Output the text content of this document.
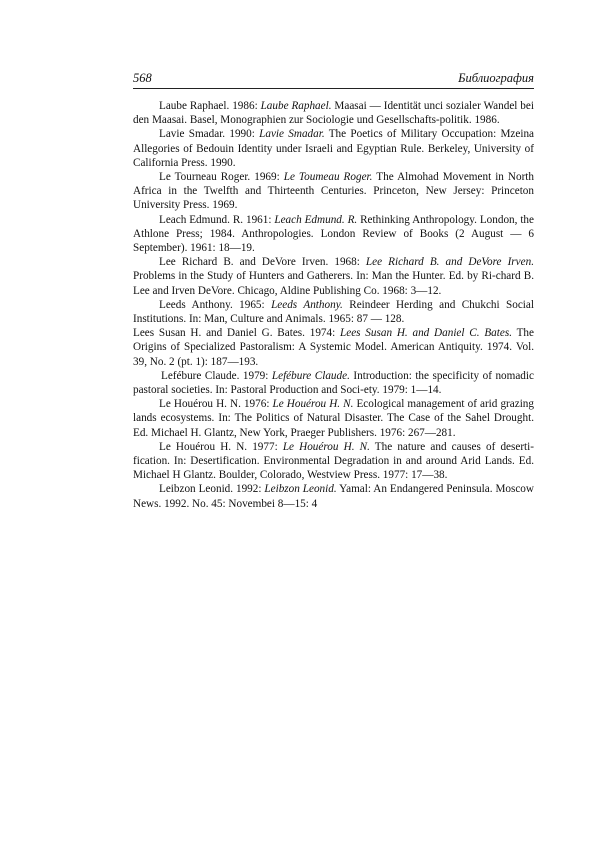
568	Библиография

Laube Raphael. 1986: Laube Raphael. Maasai — Identität unci sozialer Wandel bei den Maasai. Basel, Monographien zur Sociologie und Gesellschafts-politik. 1986.

Lavie Smadar. 1990: Lavie Smadar. The Poetics of Military Occupation: Mzeina Allegories of Bedouin Identity under Israeli and Egyptian Rule. Berkeley, University of California Press. 1990.

Le Tourneau Roger. 1969: Le Toumeau Roger. The Almohad Movement in North Africa in the Twelfth and Thirteenth Centuries. Princeton, New Jersey: Princeton University Press. 1969.

Leach Edmund. R. 1961: Leach Edmund. R. Rethinking Anthropology. London, the Athlone Press; 1984. Anthropologies. London Review of Books (2 August — 6 September). 1961: 18—19.

Lee Richard B. and DeVore Irven. 1968: Lee Richard B. and DeVore Irven. Problems in the Study of Hunters and Gatherers. In: Man the Hunter. Ed. by Ri-chard B. Lee and Irven DeVore. Chicago, Aldine Publishing Co. 1968: 3—12.

Leeds Anthony. 1965: Leeds Anthony. Reindeer Herding and Chukchi Social Institutions. In: Man, Culture and Animals. 1965: 87 — 128.

Lees Susan H. and Daniel G. Bates. 1974: Lees Susan H. and Daniel C. Bates. The Origins of Specialized Pastoralism: A Systemic Model. American Antiquity. 1974. Vol. 39, No. 2 (pt. 1): 187—193.

Lefébure Claude. 1979: Lefébure Claude. Introduction: the specificity of nomadic pastoral societies. In: Pastoral Production and Soci-ety. 1979: 1—14.

Le Houérou H. N. 1976: Le Houérou H. N. Ecological management of arid grazing lands ecosystems. In: The Politics of Natural Disaster. The Case of the Sahel Drought. Ed. Michael H. Glantz, New York, Praeger Publishers. 1976: 267—281.

Le Houérou H. N. 1977: Le Houérou H. N. The nature and causes of deserti-fication. In: Desertification. Environmental Degradation in and around Arid Lands. Ed. Michael H Glantz. Boulder, Colorado, Westview Press. 1977: 17—38.

Leibzon Leonid. 1992: Leibzon Leonid. Yamal: An Endangered Peninsula. Moscow News. 1992. No. 45: Novembei 8—15: 4
